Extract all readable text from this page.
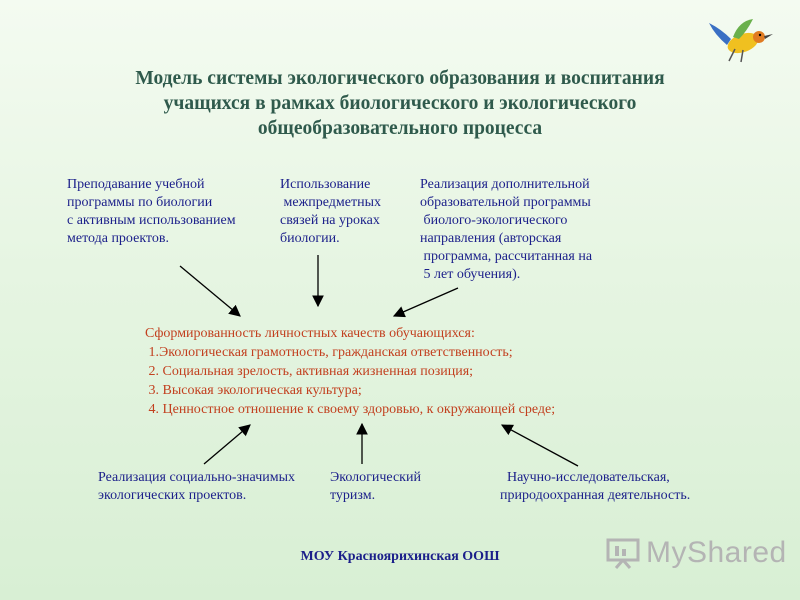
Модель системы экологического образования и воспитания
учащихся в рамках биологического и экологического
общеобразовательного процесса
Преподавание учебной
программы по биологии
с активным использованием
метода проектов.
Использование
межпредметных
связей на уроках
биологии.
Реализация дополнительной
образовательной программы
биолого-экологического
направления (авторская
программа, рассчитанная на
5 лет обучения).
Сформированность личностных качеств обучающихся:
1.Экологическая грамотность, гражданская ответственность;
2. Социальная зрелость, активная жизненная позиция;
3. Высокая экологическая культура;
4. Ценностное отношение к своему здоровью, к окружающей среде;
Реализация социально-значимых
экологических проектов.
Экологический
туризм.
Научно-исследовательская,
природоохранная деятельность.
МОУ Красноярихинская ООШ	MyShared
